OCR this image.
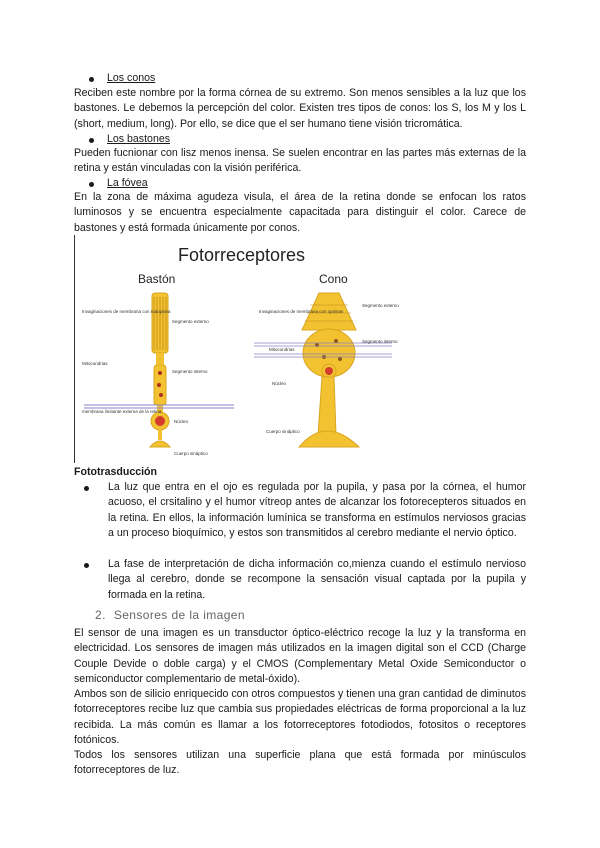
Los conos
Reciben este nombre por la forma córnea de su extremo. Son menos sensibles a la luz que los bastones. Le debemos la percepción del color. Existen tres tipos de conos: los S, los M y los L (short, medium, long). Por ello, se dice que el ser humano tiene visión tricromática.
Los bastones
Pueden fucnionar con lisz menos inensa. Se suelen encontrar en las partes más externas de la retina y están vinculadas con la visión periférica.
La fóvea
En la zona de máxima agudeza visula, el área de la retina donde se enfocan los ratos luminosos y se encuentra especialmente capacitada para distinguir el color. Carece de bastones y está formada únicamente por conos.
Fotorreceptores
Bastón	Cono
Invaginaciones de membrana con rodopsina
Segmento externo
Mitocondrias
Segmento interno
membrana limitante externa de la retina
Núcleo
Cuerpo sináptico
Invaginaciones de membrana con opsinas
Segmento externo
Mitocondrias
Segmento interno
Núcleo
Cuerpo sináptico
Fototrasducción
La luz que entra en el ojo es regulada por la pupila, y pasa por la córnea, el humor acuoso, el crsitalino y el humor vítreop antes de alcanzar los fotorecepteros situados en la retina. En ellos, la información lumínica se transforma en estímulos nerviosos gracias a un proceso bioquímico, y estos son transmitidos al cerebro mediante el nervio óptico.
La fase de interpretación de dicha información co,mienza cuando el estímulo nervioso llega al cerebro, donde se recompone la sensación visual captada por la pupila y formada en la retina.
2. Sensores de la imagen
El sensor de una imagen es un transductor óptico-eléctrico recoge la luz y la transforma en electricidad. Los sensores de imagen más utilizados en la imagen digital son el CCD (Charge Couple Devide o doble carga) y el CMOS (Complementary Metal Oxide Semiconductor o semiconductor complementario de metal-óxido).
Ambos son de silicio enriquecido con otros compuestos y tienen una gran cantidad de diminutos fotorreceptores recibe luz que cambia sus propiedades eléctricas de forma proporcional a la luz recibida. La más común es llamar a los fotorreceptores fotodiodos, fotositos o receptores fotónicos.
Todos los sensores utilizan una superficie plana que está formada por minúsculos fotorreceptores de luz.
